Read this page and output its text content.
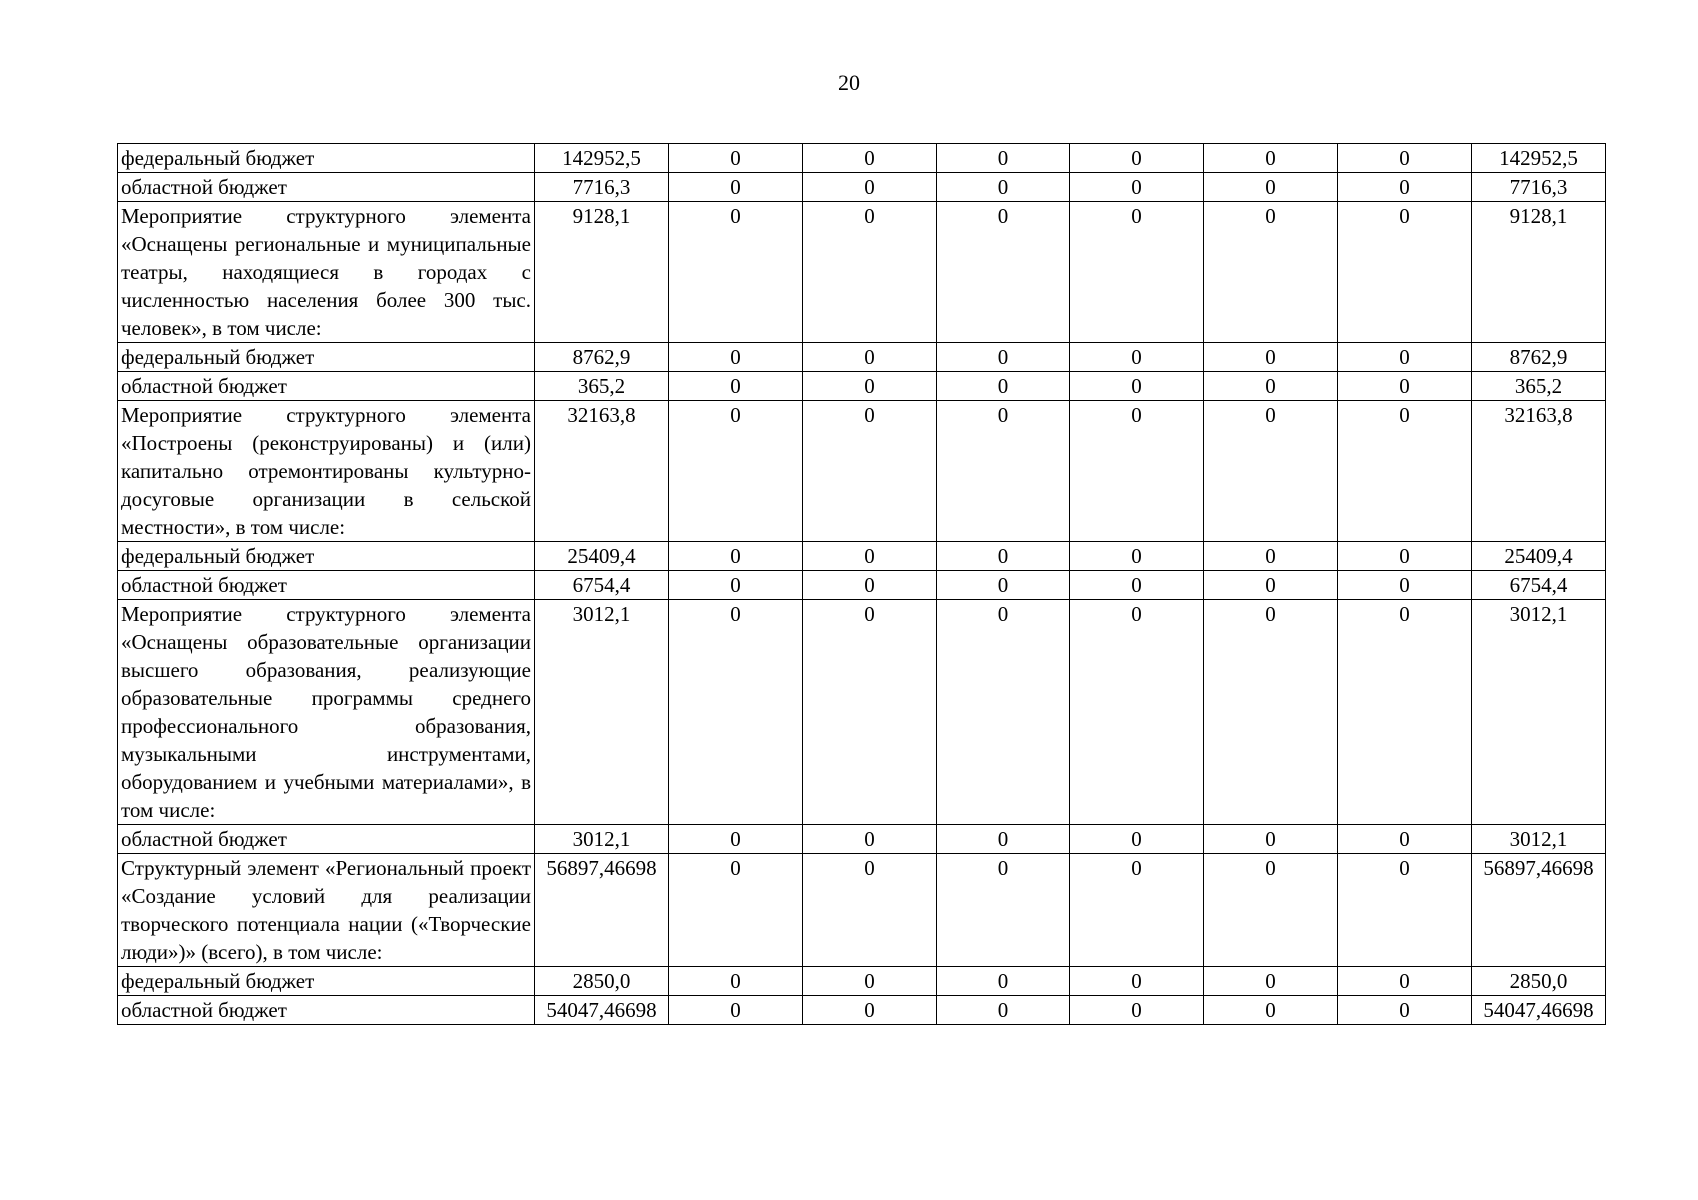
20
федеральный бюджет	142952,5	0	0	0	0	0	0	142952,5
областной бюджет	7716,3	0	0	0	0	0	0	7716,3
Мероприятие структурного элемента «Оснащены региональные и муниципальные театры, находящиеся в городах с численностью населения более 300 тыс. человек», в том числе:	9128,1	0	0	0	0	0	0	9128,1
федеральный бюджет	8762,9	0	0	0	0	0	0	8762,9
областной бюджет	365,2	0	0	0	0	0	0	365,2
Мероприятие структурного элемента «Построены (реконструированы) и (или) капитально отремонтированы культурно-досуговые организации в сельской местности», в том числе:	32163,8	0	0	0	0	0	0	32163,8
федеральный бюджет	25409,4	0	0	0	0	0	0	25409,4
областной бюджет	6754,4	0	0	0	0	0	0	6754,4
Мероприятие структурного элемента «Оснащены образовательные организации высшего образования, реализующие образовательные программы среднего профессионального образования, музыкальными инструментами, оборудованием и учебными материалами», в том числе:	3012,1	0	0	0	0	0	0	3012,1
областной бюджет	3012,1	0	0	0	0	0	0	3012,1
Структурный элемент «Региональный проект «Создание условий для реализации творческого потенциала нации («Творческие люди»)» (всего), в том числе:	56897,46698	0	0	0	0	0	0	56897,46698
федеральный бюджет	2850,0	0	0	0	0	0	0	2850,0
областной бюджет	54047,46698	0	0	0	0	0	0	54047,46698
